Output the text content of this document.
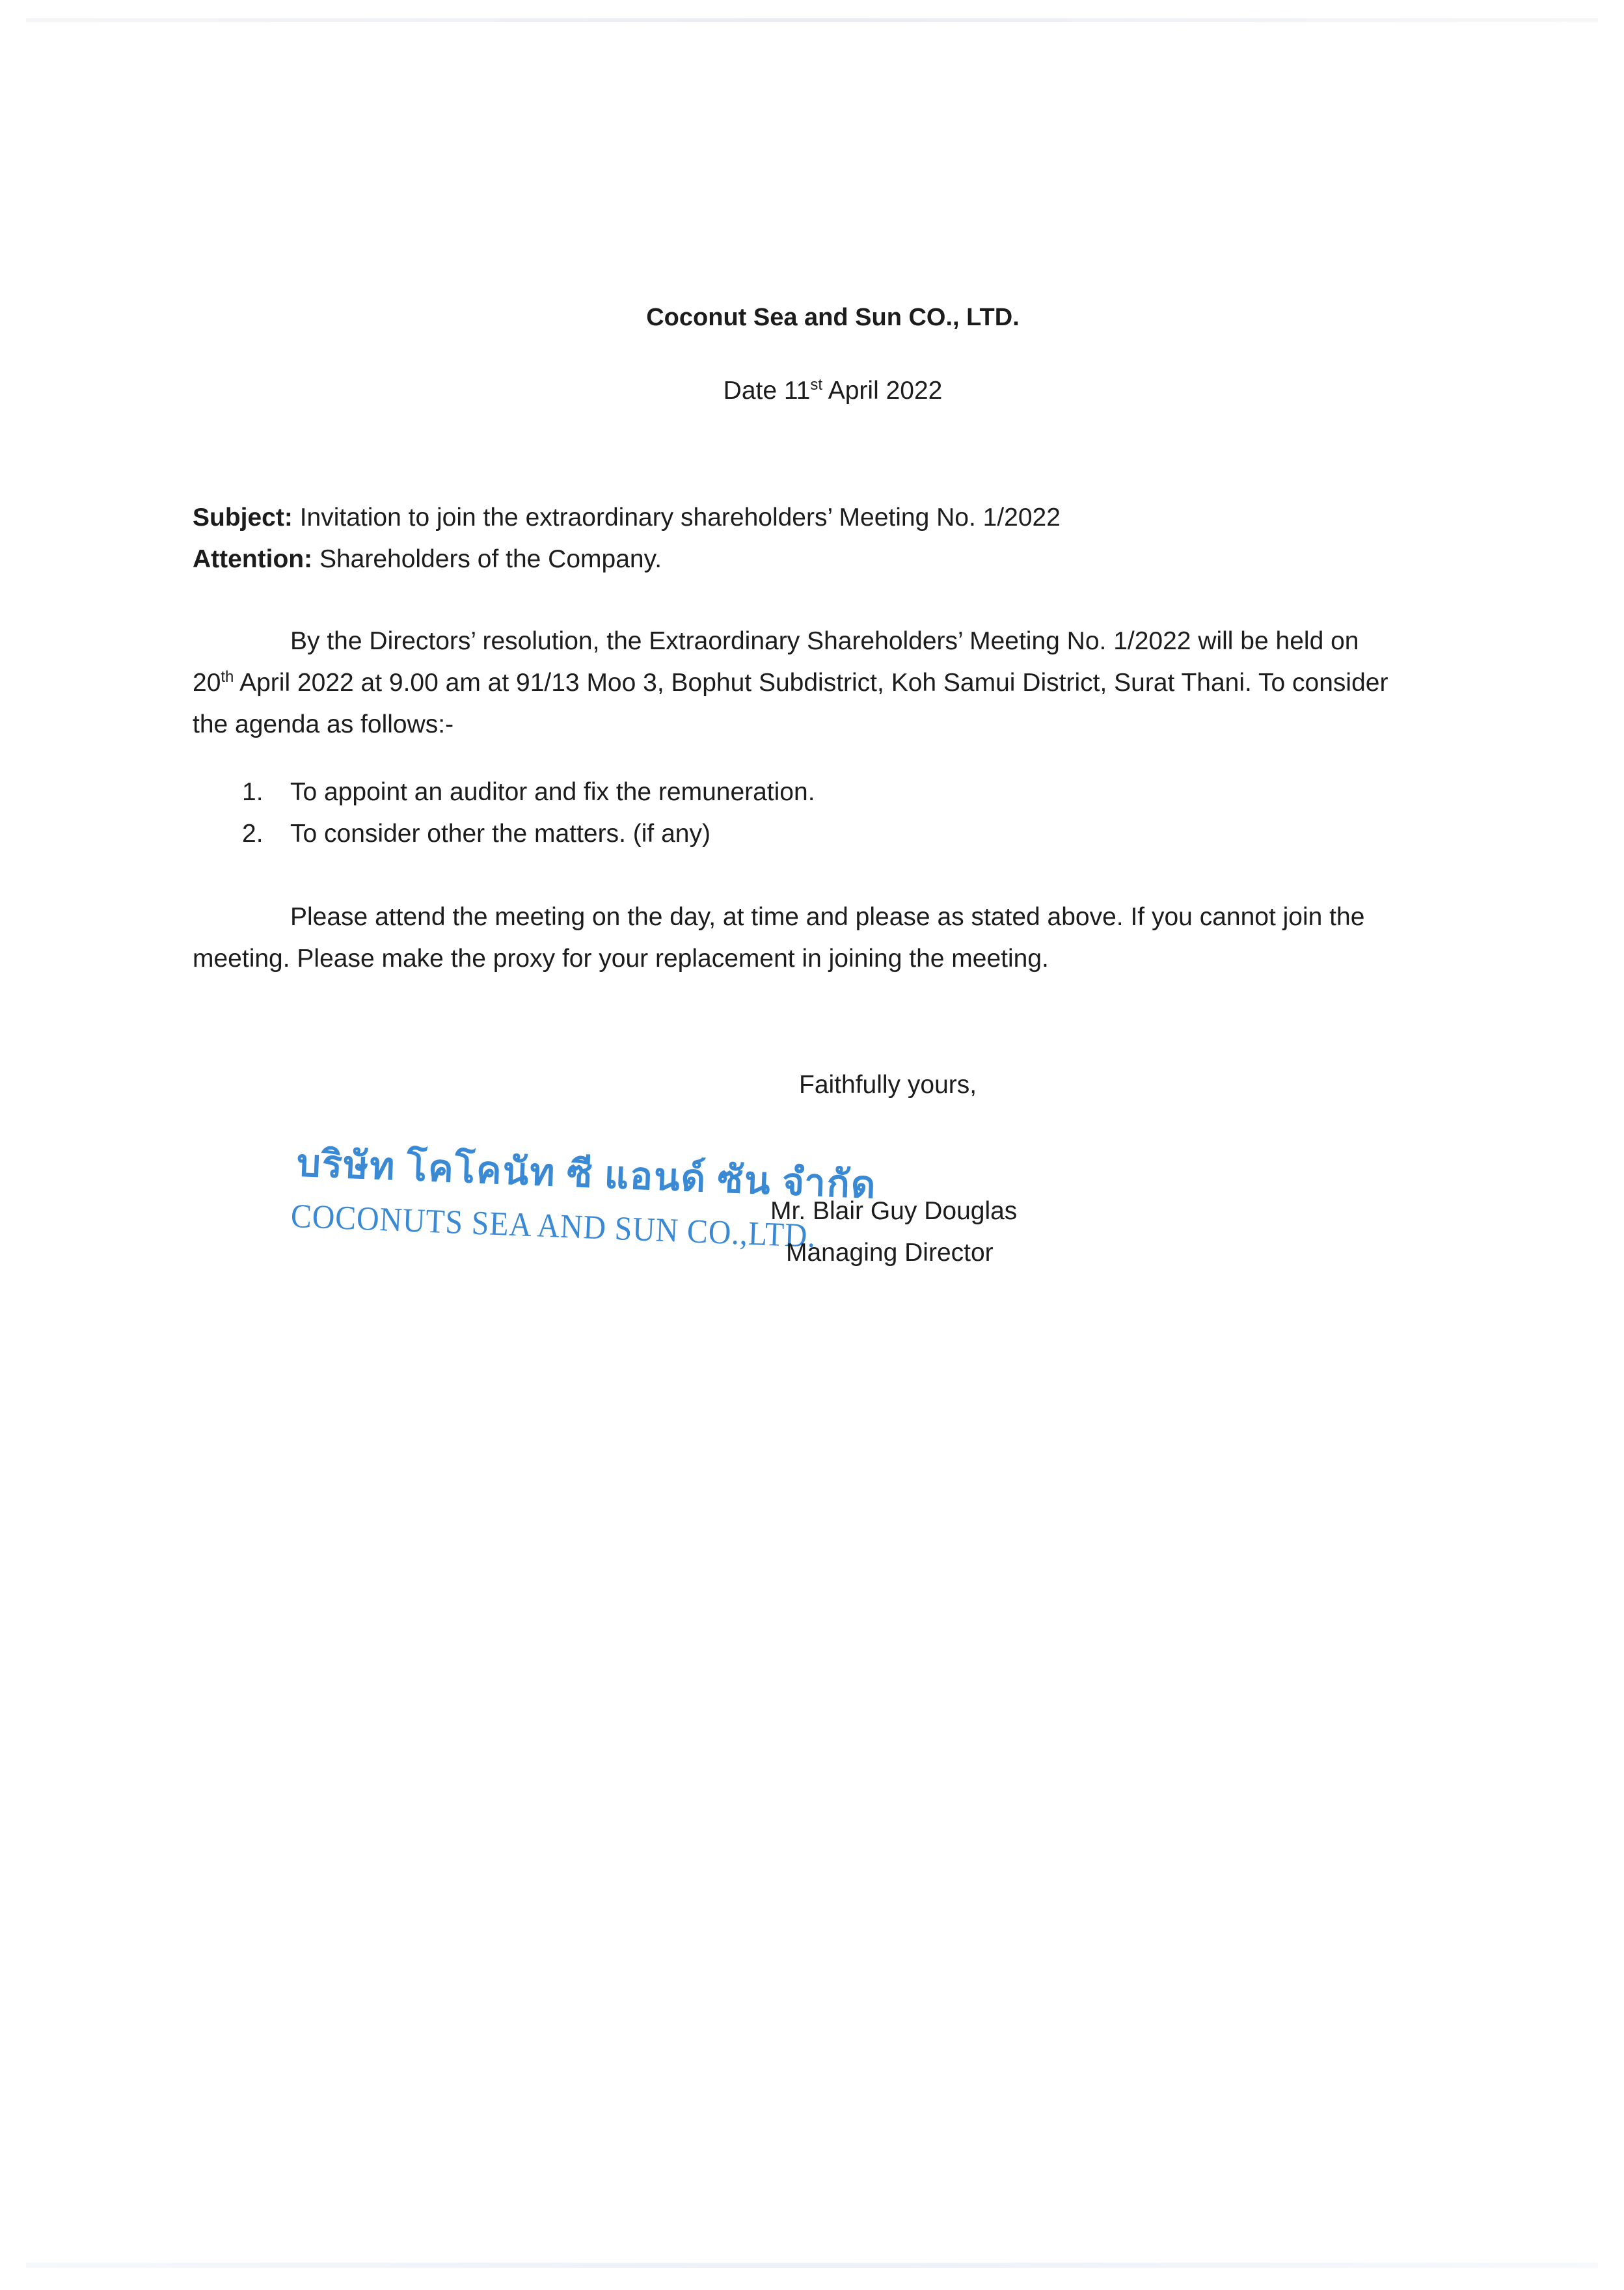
Coconut Sea and Sun CO., LTD.
Date 11st April 2022
Subject: Invitation to join the extraordinary shareholders’ Meeting No. 1/2022
Attention: Shareholders of the Company.
By the Directors’ resolution, the Extraordinary Shareholders’ Meeting No. 1/2022 will be held on
20th April 2022 at 9.00 am at 91/13 Moo 3, Bophut Subdistrict, Koh Samui District, Surat Thani. To consider
the agenda as follows:-
1. To appoint an auditor and fix the remuneration.
2. To consider other the matters. (if any)
Please attend the meeting on the day, at time and please as stated above. If you cannot join the
meeting. Please make the proxy for your replacement in joining the meeting.
Faithfully yours,
บริษัท โคโคนัท ซี แอนด์ ซัน จำกัด
COCONUTS SEA AND SUN CO.,LTD.
Mr. Blair Guy Douglas
Managing Director
